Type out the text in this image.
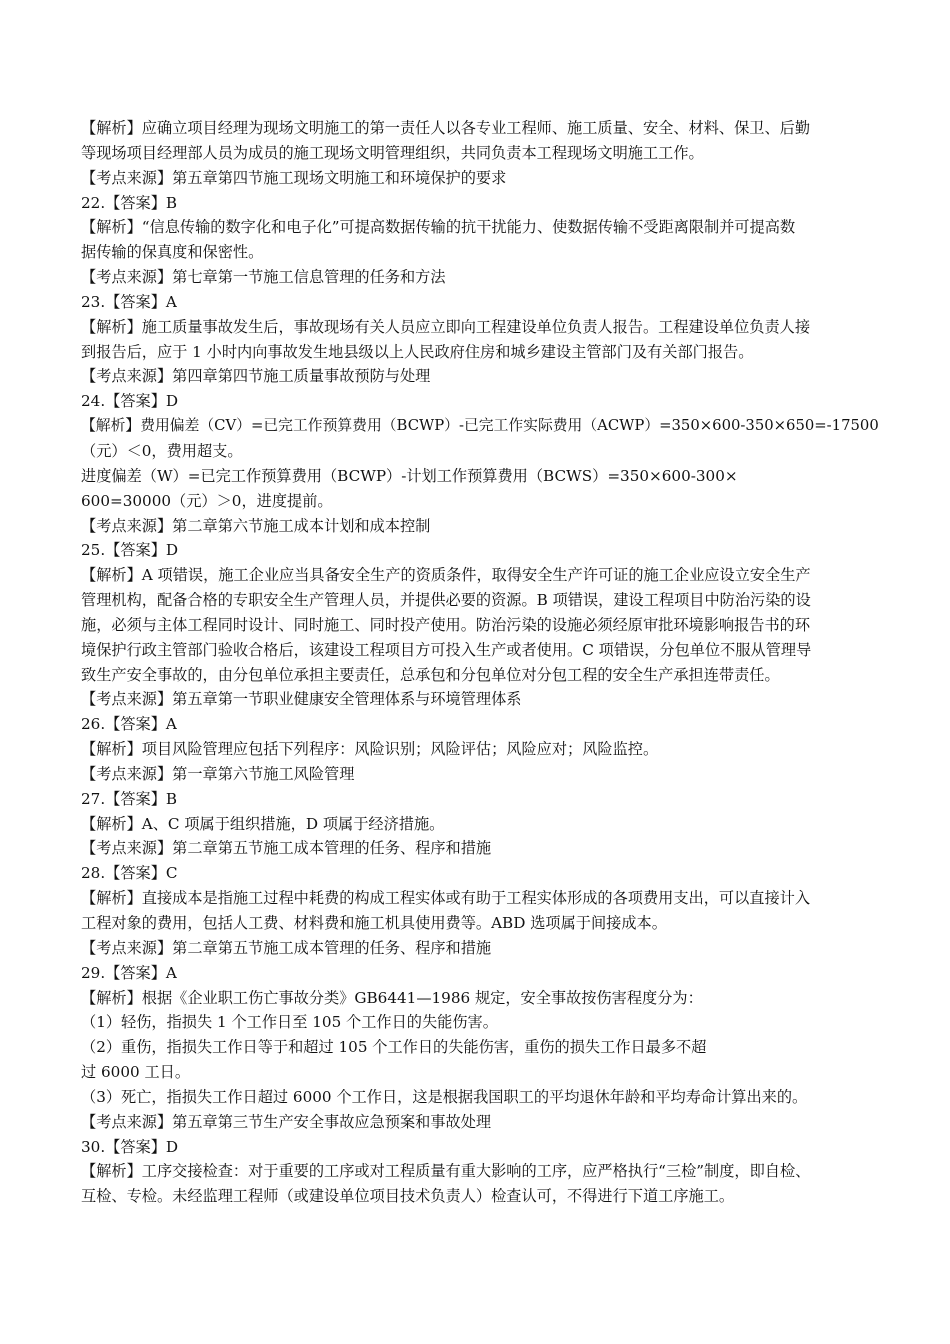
【解析】应确立项目经理为现场文明施工的第一责任人以各专业工程师、施工质量、安全、材料、保卫、后勤
等现场项目经理部人员为成员的施工现场文明管理组织，共同负责本工程现场文明施工工作。
【考点来源】第五章第四节施工现场文明施工和环境保护的要求
22.【答案】B
【解析】“信息传输的数字化和电子化”可提高数据传输的抗干扰能力、使数据传输不受距离限制并可提高数
据传输的保真度和保密性。
【考点来源】第七章第一节施工信息管理的任务和方法
23.【答案】A
【解析】施工质量事故发生后，事故现场有关人员应立即向工程建设单位负责人报告。工程建设单位负责人接
到报告后，应于 1 小时内向事故发生地县级以上人民政府住房和城乡建设主管部门及有关部门报告。
【考点来源】第四章第四节施工质量事故预防与处理
24.【答案】D
【解析】费用偏差（CV）=已完工作预算费用（BCWP）-已完工作实际费用（ACWP）=350×600-350×650=-17500
（元）＜0，费用超支。
进度偏差（W）=已完工作预算费用（BCWP）-计划工作预算费用（BCWS）=350×600-300×
600=30000（元）＞0，进度提前。
【考点来源】第二章第六节施工成本计划和成本控制
25.【答案】D
【解析】A 项错误，施工企业应当具备安全生产的资质条件，取得安全生产许可证的施工企业应设立安全生产
管理机构，配备合格的专职安全生产管理人员，并提供必要的资源。B 项错误，建设工程项目中防治污染的设
施，必须与主体工程同时设计、同时施工、同时投产使用。防治污染的设施必须经原审批环境影响报告书的环
境保护行政主管部门验收合格后，该建设工程项目方可投入生产或者使用。C 项错误，分包单位不服从管理导
致生产安全事故的，由分包单位承担主要责任，总承包和分包单位对分包工程的安全生产承担连带责任。
【考点来源】第五章第一节职业健康安全管理体系与环境管理体系
26.【答案】A
【解析】项目风险管理应包括下列程序：风险识别；风险评估；风险应对；风险监控。
【考点来源】第一章第六节施工风险管理
27.【答案】B
【解析】A、C 项属于组织措施，D 项属于经济措施。
【考点来源】第二章第五节施工成本管理的任务、程序和措施
28.【答案】C
【解析】直接成本是指施工过程中耗费的构成工程实体或有助于工程实体形成的各项费用支出，可以直接计入
工程对象的费用，包括人工费、材料费和施工机具使用费等。ABD 选项属于间接成本。
【考点来源】第二章第五节施工成本管理的任务、程序和措施
29.【答案】A
【解析】根据《企业职工伤亡事故分类》GB6441—1986 规定，安全事故按伤害程度分为：
（1）轻伤，指损失 1 个工作日至 105 个工作日的失能伤害。
（2）重伤，指损失工作日等于和超过 105 个工作日的失能伤害，重伤的损失工作日最多不超
过 6000 工日。
（3）死亡，指损失工作日超过 6000 个工作日，这是根据我国职工的平均退休年龄和平均寿命计算出来的。
【考点来源】第五章第三节生产安全事故应急预案和事故处理
30.【答案】D
【解析】工序交接检查：对于重要的工序或对工程质量有重大影响的工序，应严格执行“三检”制度，即自检、
互检、专检。未经监理工程师（或建设单位项目技术负责人）检查认可，不得进行下道工序施工。
